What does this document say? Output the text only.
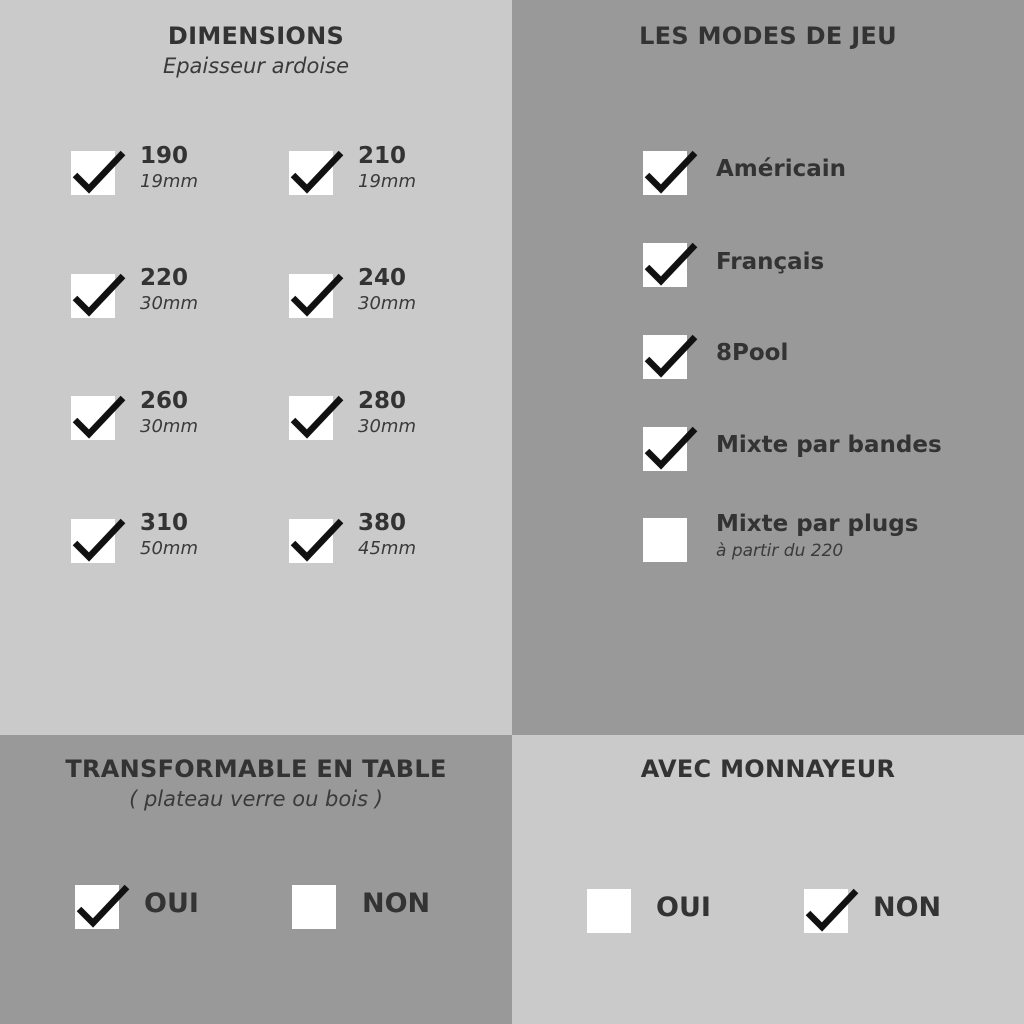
DIMENSIONS
Epaisseur ardoise
190
19mm
210
19mm
220
30mm
240
30mm
260
30mm
280
30mm
310
50mm
380
45mm
LES MODES DE JEU
Américain
Français
8Pool
Mixte par bandes
Mixte par plugs
à partir du 220
TRANSFORMABLE EN TABLE
( plateau verre ou bois )
OUI	NON
AVEC MONNAYEUR
OUI	NON
